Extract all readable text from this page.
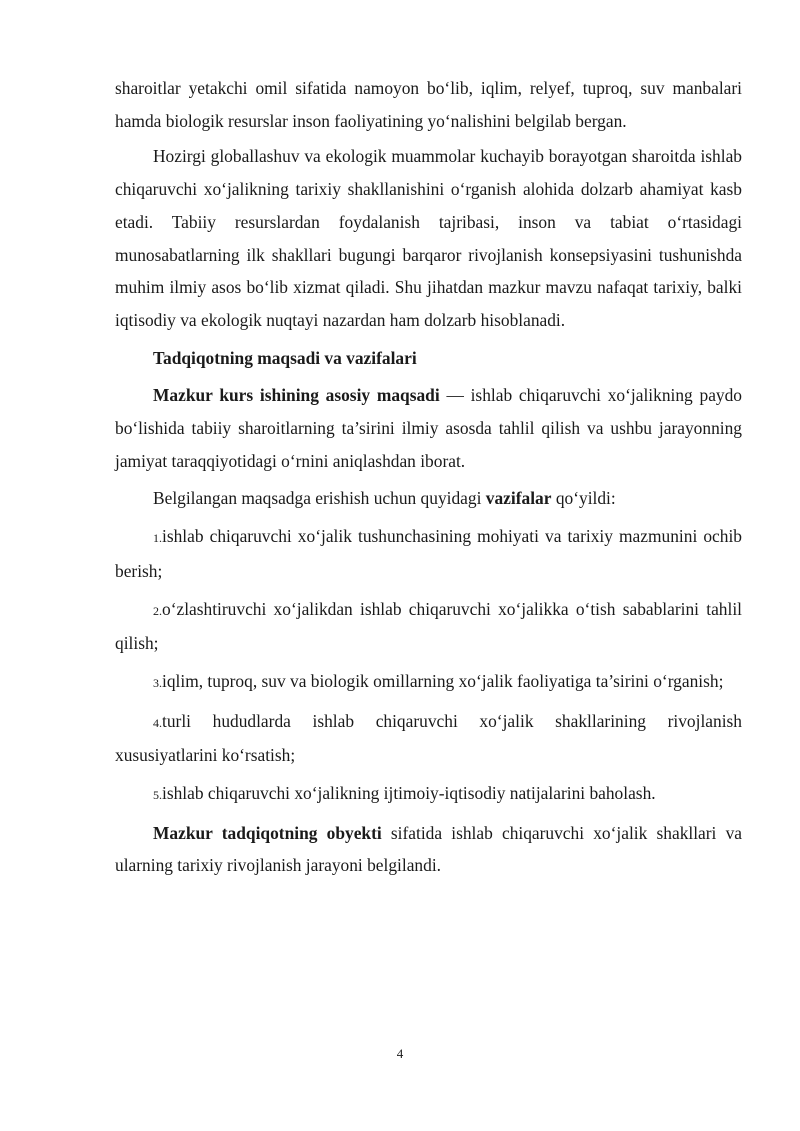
sharoitlar yetakchi omil sifatida namoyon bo‘lib, iqlim, relyef, tuproq, suv manbalari hamda biologik resurslar inson faoliyatining yo‘nalishini belgilab bergan.

Hozirgi globallashuv va ekologik muammolar kuchayib borayotgan sharoitda ishlab chiqaruvchi xo‘jalikning tarixiy shakllanishini o‘rganish alohida dolzarb ahamiyat kasb etadi. Tabiiy resurslardan foydalanish tajribasi, inson va tabiat o‘rtasidagi munosabatlarning ilk shakllari bugungi barqaror rivojlanish konsepsiyasini tushunishda muhim ilmiy asos bo‘lib xizmat qiladi. Shu jihatdan mazkur mavzu nafaqat tarixiy, balki iqtisodiy va ekologik nuqtayi nazardan ham dolzarb hisoblanadi.

Tadqiqotning maqsadi va vazifalari

Mazkur kurs ishining asosiy maqsadi — ishlab chiqaruvchi xo‘jalikning paydo bo‘lishida tabiiy sharoitlarning ta’sirini ilmiy asosda tahlil qilish va ushbu jarayonning jamiyat taraqqiyotidagi o‘rnini aniqlashdan iborat.

Belgilangan maqsadga erishish uchun quyidagi vazifalar qo‘yildi:

1.ishlab chiqaruvchi xo‘jalik tushunchasining mohiyati va tarixiy mazmunini ochib berish;

2.o‘zlashtiruvchi xo‘jalikdan ishlab chiqaruvchi xo‘jalikka o‘tish sabablarini tahlil qilish;

3.iqlim, tuproq, suv va biologik omillarning xo‘jalik faoliyatiga ta’sirini o‘rganish;

4.turli hududlarda ishlab chiqaruvchi xo‘jalik shakllarining rivojlanish xususiyatlarini ko‘rsatish;

5.ishlab chiqaruvchi xo‘jalikning ijtimoiy-iqtisodiy natijalarini baholash.

Mazkur tadqiqotning obyekti sifatida ishlab chiqaruvchi xo‘jalik shakllari va ularning tarixiy rivojlanish jarayoni belgilandi.

4
